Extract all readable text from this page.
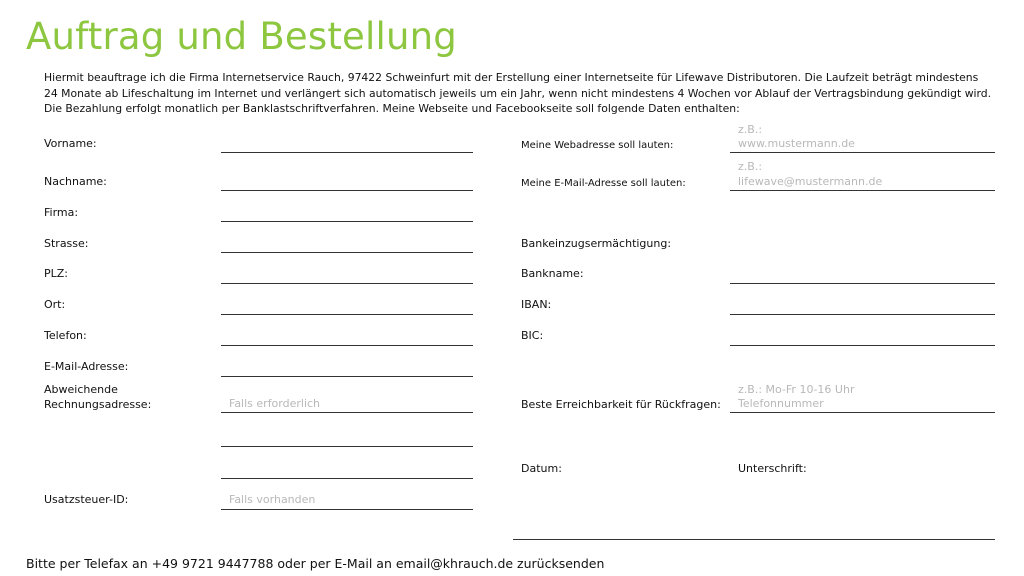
Auftrag und Bestellung
Hiermit beauftrage ich die Firma Internetservice Rauch, 97422 Schweinfurt mit der Erstellung einer Internetseite für Lifewave Distributoren. Die Laufzeit beträgt mindestens
24 Monate ab Lifeschaltung im Internet und verlängert sich automatisch jeweils um ein Jahr, wenn nicht mindestens 4 Wochen vor Ablauf der Vertragsbindung gekündigt wird.
Die Bezahlung erfolgt monatlich per Banklastschriftverfahren. Meine Webseite und Facebookseite soll folgende Daten enthalten:
Vorname:
Nachname:
Firma:
Strasse:
PLZ:
Ort:
Telefon:
E-Mail-Adresse:
Abweichende
Rechnungsadresse:	Falls erforderlich
Usatzsteuer-ID:	Falls vorhanden
Meine Webadresse soll lauten:
z.B.:
www.mustermann.de
Meine E-Mail-Adresse soll lauten:
z.B.:
lifewave@mustermann.de
Bankeinzugsermächtigung:
Bankname:
IBAN:
BIC:
Beste Erreichbarkeit für Rückfragen:
z.B.: Mo-Fr 10-16 Uhr
Telefonnummer
Datum:	Unterschrift:
Bitte per Telefax an +49 9721 9447788 oder per E-Mail an email@khrauch.de zurücksenden
